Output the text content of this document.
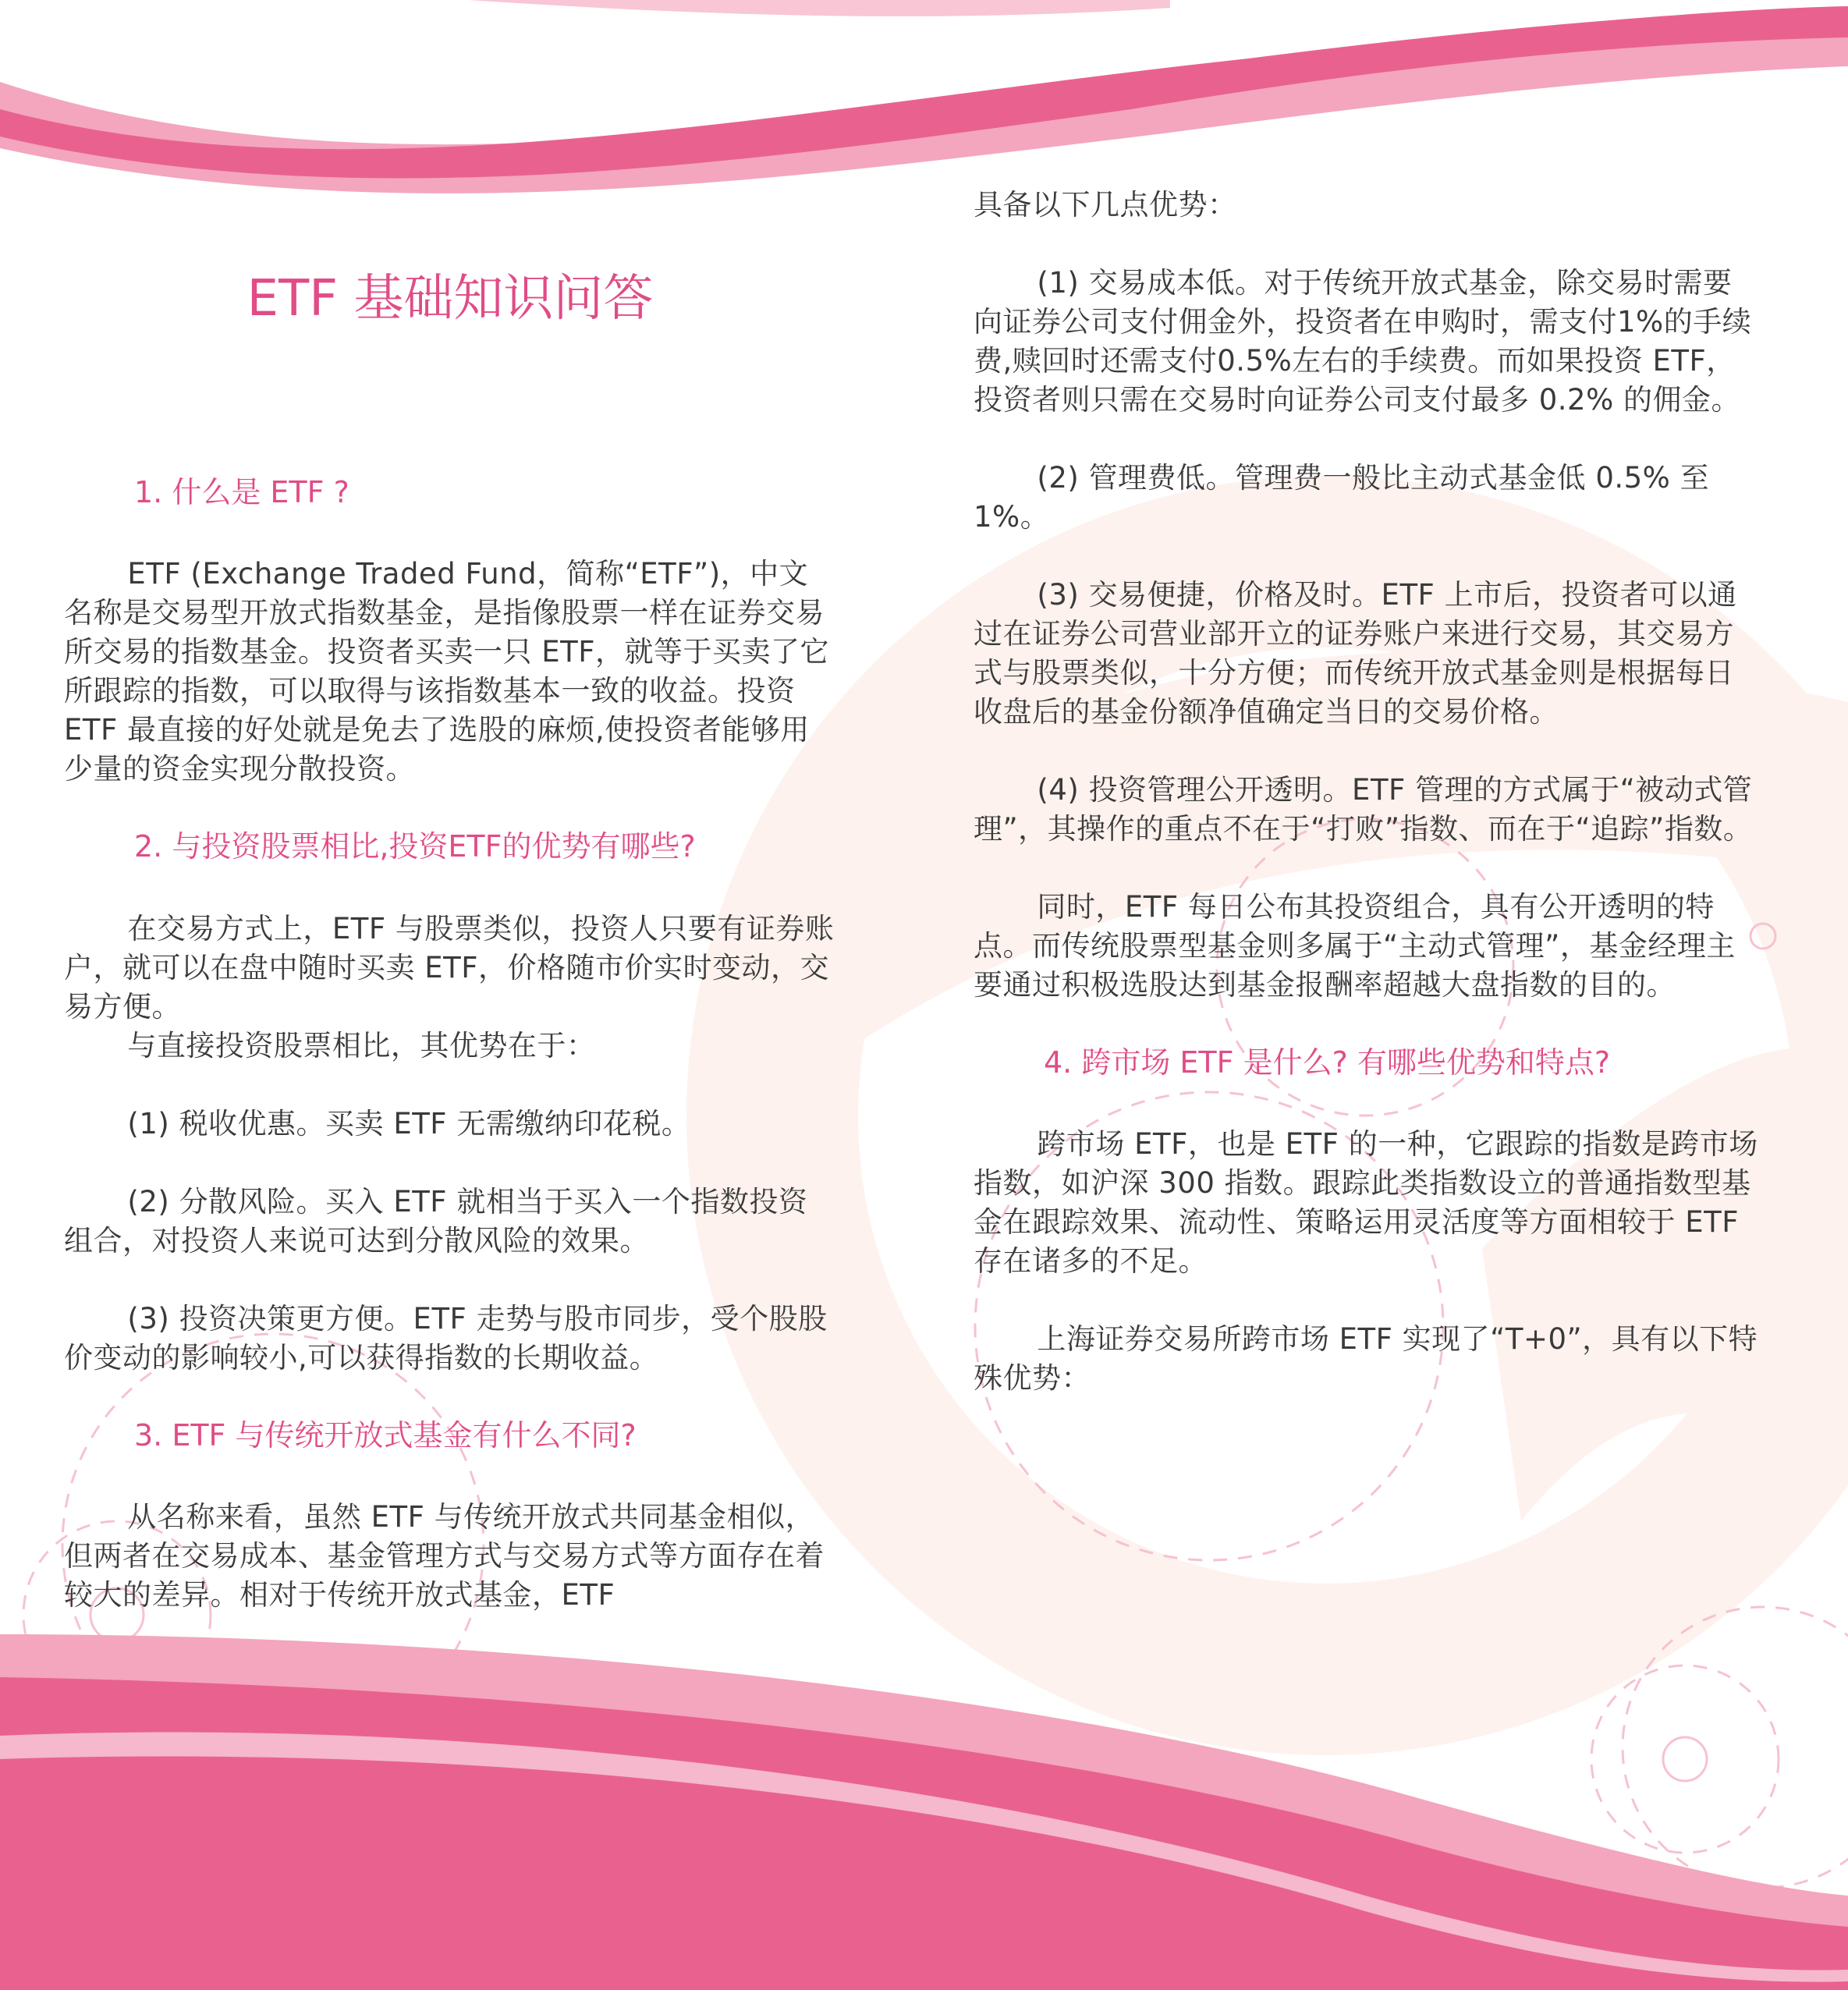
ETF 基础知识问答
1. 什么是 ETF ?

ETF (Exchange Traded Fund，简称“ETF”)，中文名称是交易型开放式指数基金，是指像股票一样在证券交易所交易的指数基金。投资者买卖一只 ETF，就等于买卖了它所跟踪的指数，可以取得与该指数基本一致的收益。投资 ETF 最直接的好处就是免去了选股的麻烦,使投资者能够用少量的资金实现分散投资。

2. 与投资股票相比,投资ETF的优势有哪些?

在交易方式上，ETF 与股票类似，投资人只要有证券账户，就可以在盘中随时买卖 ETF，价格随市价实时变动，交易方便。

与直接投资股票相比，其优势在于：

(1) 税收优惠。买卖 ETF 无需缴纳印花税。

(2) 分散风险。买入 ETF 就相当于买入一个指数投资组合，对投资人来说可达到分散风险的效果。

(3) 投资决策更方便。ETF 走势与股市同步，受个股股价变动的影响较小,可以获得指数的长期收益。

3. ETF 与传统开放式基金有什么不同?

从名称来看，虽然 ETF 与传统开放式共同基金相似，但两者在交易成本、基金管理方式与交易方式等方面存在着较大的差异。相对于传统开放式基金，ETF

具备以下几点优势：

(1) 交易成本低。对于传统开放式基金，除交易时需要向证券公司支付佣金外，投资者在申购时，需支付1%的手续费,赎回时还需支付0.5%左右的手续费。而如果投资 ETF，投资者则只需在交易时向证券公司支付最多 0.2% 的佣金。

(2) 管理费低。管理费一般比主动式基金低 0.5% 至 1%。

(3) 交易便捷，价格及时。ETF 上市后，投资者可以通过在证券公司营业部开立的证券账户来进行交易，其交易方式与股票类似，十分方便；而传统开放式基金则是根据每日收盘后的基金份额净值确定当日的交易价格。

(4) 投资管理公开透明。ETF 管理的方式属于“被动式管理”，其操作的重点不在于“打败”指数、而在于“追踪”指数。

同时，ETF 每日公布其投资组合，具有公开透明的特点。而传统股票型基金则多属于“主动式管理”，基金经理主要通过积极选股达到基金报酬率超越大盘指数的目的。

4. 跨市场 ETF 是什么? 有哪些优势和特点?

跨市场 ETF，也是 ETF 的一种，它跟踪的指数是跨市场指数，如沪深 300 指数。跟踪此类指数设立的普通指数型基金在跟踪效果、流动性、策略运用灵活度等方面相较于 ETF 存在诸多的不足。

上海证券交易所跨市场 ETF 实现了“T+0”，具有以下特殊优势：
